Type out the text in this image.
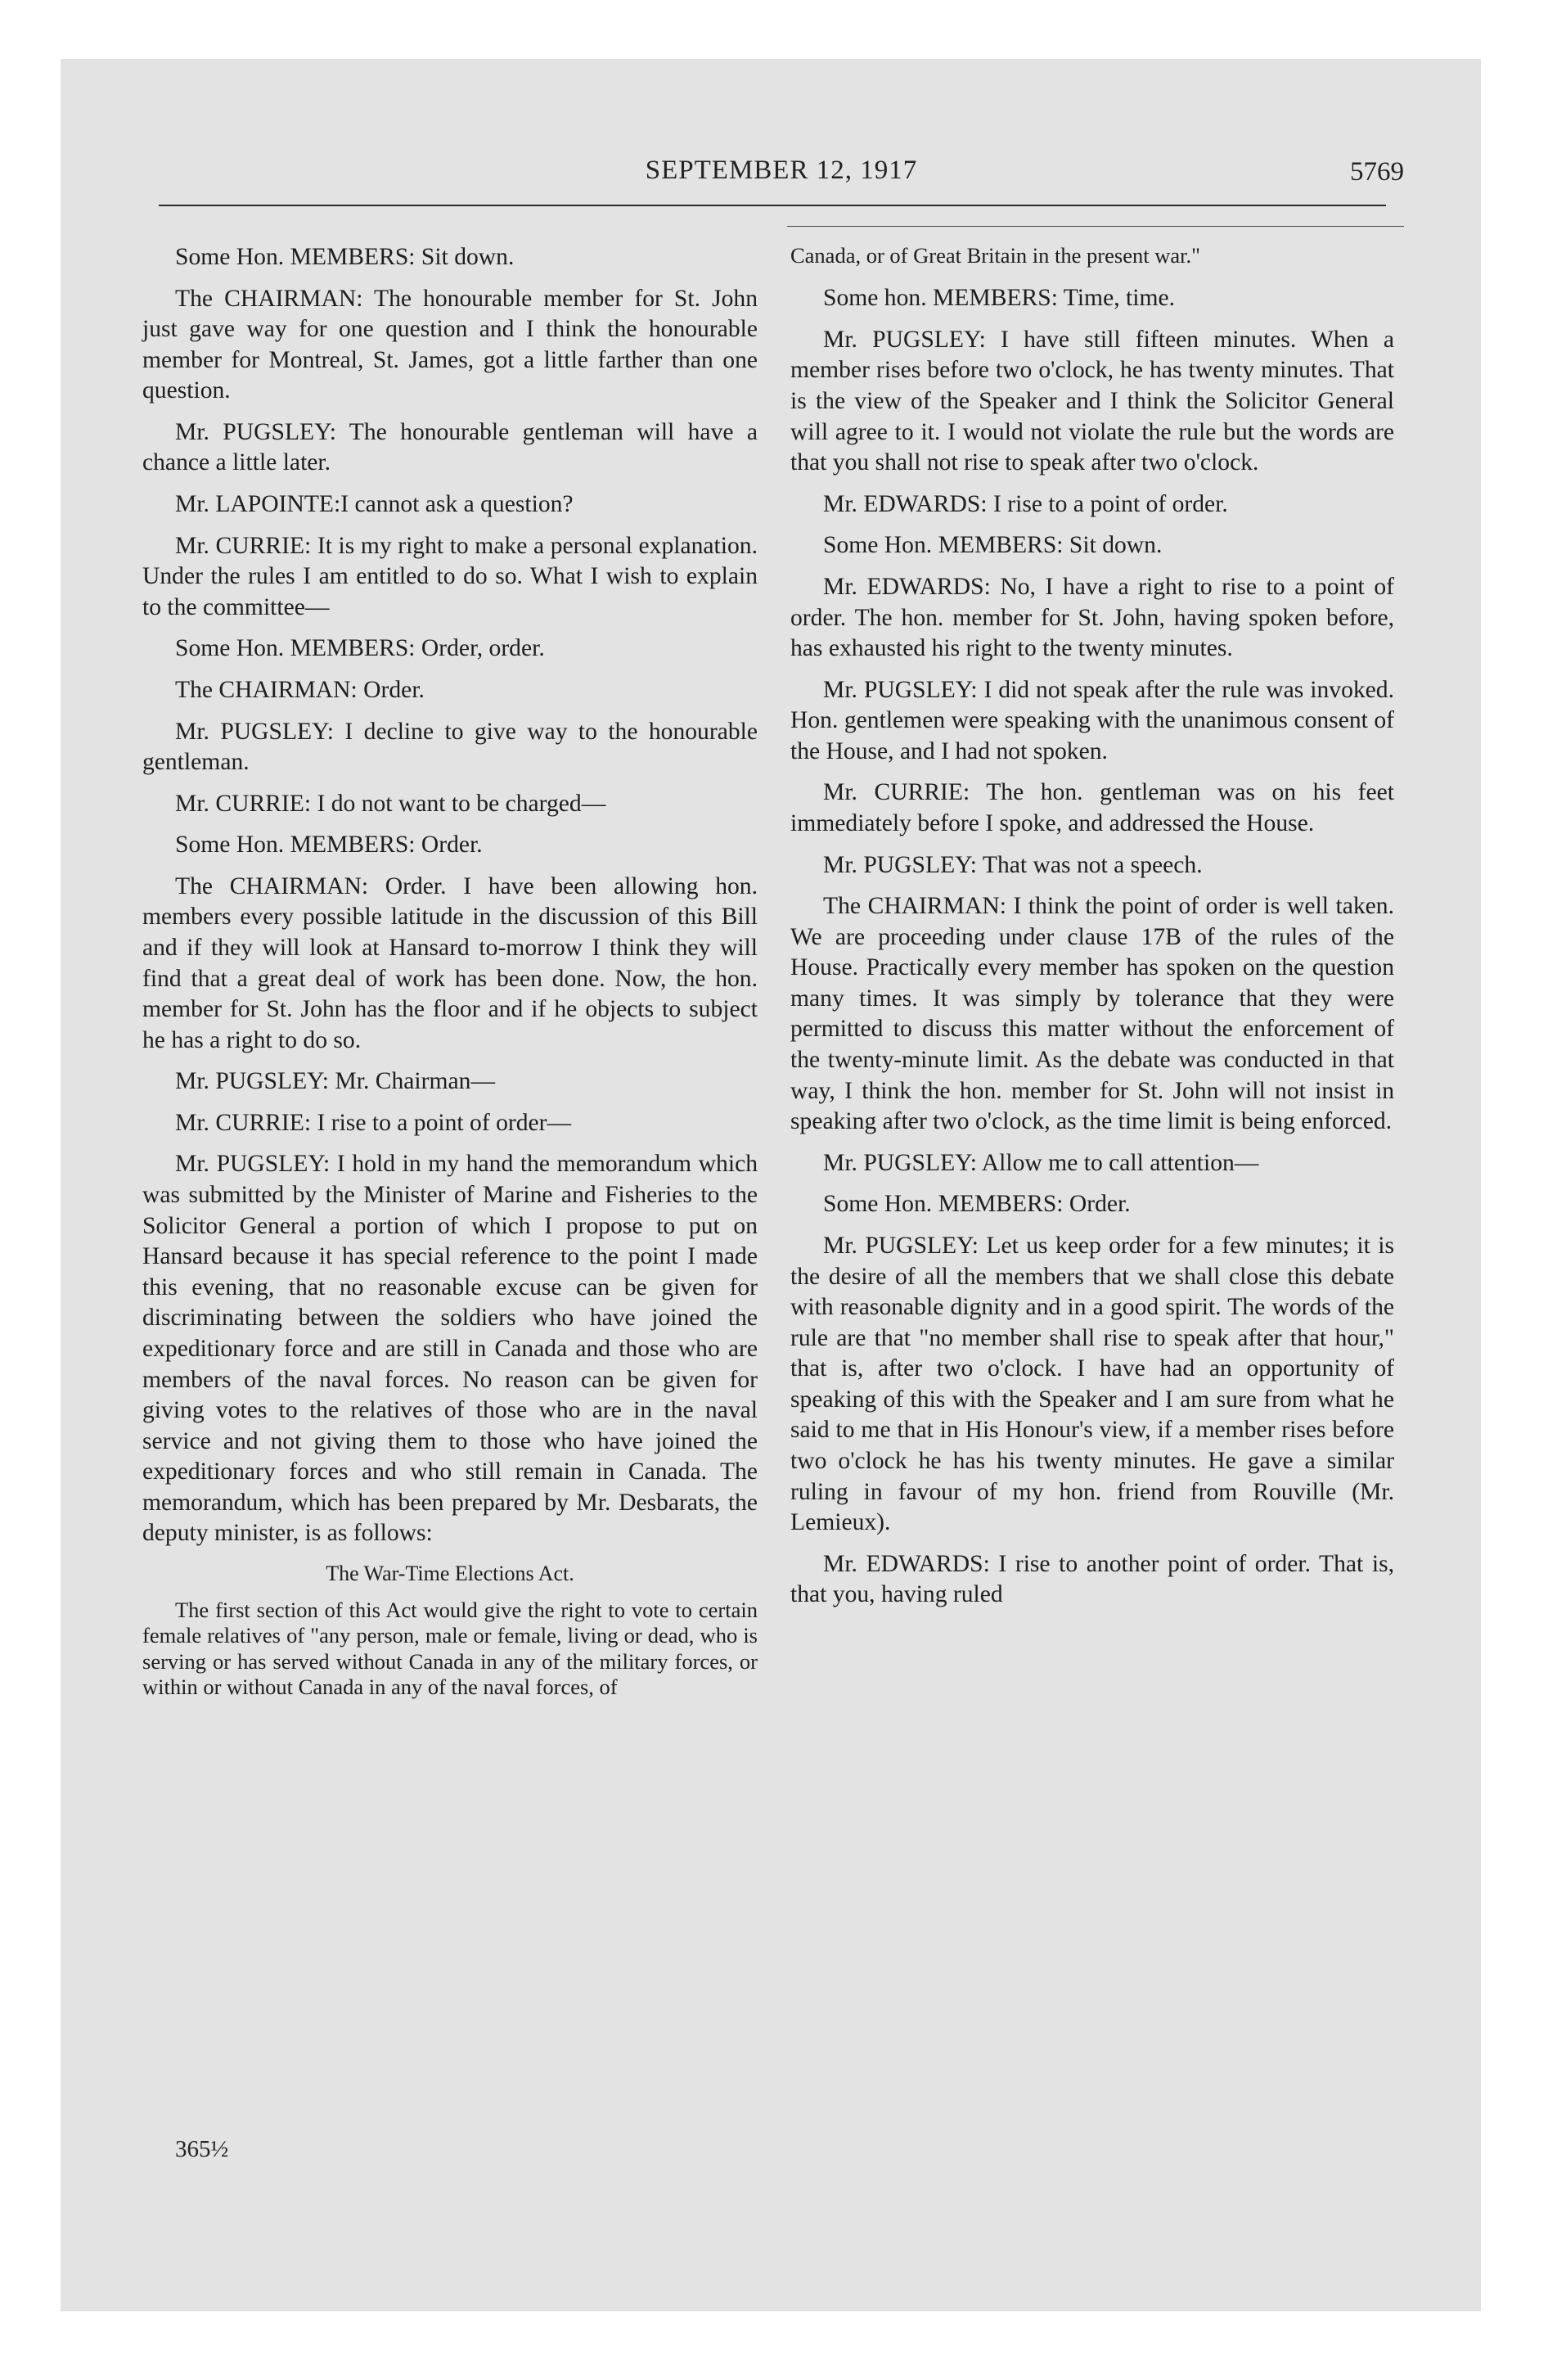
SEPTEMBER 12, 1917	5769

Some Hon. MEMBERS: Sit down.

The CHAIRMAN: The honourable member for St. John just gave way for one question and I think the honourable member for Montreal, St. James, got a little farther than one question.

Mr. PUGSLEY: The honourable gentleman will have a chance a little later.

Mr. LAPOINTE:I cannot ask a question?

Mr. CURRIE: It is my right to make a personal explanation. Under the rules I am entitled to do so. What I wish to explain to the committee—

Some Hon. MEMBERS: Order, order.

The CHAIRMAN: Order.

Mr. PUGSLEY: I decline to give way to the honourable gentleman.

Mr. CURRIE: I do not want to be charged—

Some Hon. MEMBERS: Order.

The CHAIRMAN: Order. I have been allowing hon. members every possible latitude in the discussion of this Bill and if they will look at Hansard to-morrow I think they will find that a great deal of work has been done. Now, the hon. member for St. John has the floor and if he objects to subject he has a right to do so.

Mr. PUGSLEY: Mr. Chairman—

Mr. CURRIE: I rise to a point of order—

Mr. PUGSLEY: I hold in my hand the memorandum which was submitted by the Minister of Marine and Fisheries to the Solicitor General a portion of which I propose to put on Hansard because it has special reference to the point I made this evening, that no reasonable excuse can be given for discriminating between the soldiers who have joined the expeditionary force and are still in Canada and those who are members of the naval forces. No reason can be given for giving votes to the relatives of those who are in the naval service and not giving them to those who have joined the expeditionary forces and who still remain in Canada. The memorandum, which has been prepared by Mr. Desbarats, the deputy minister, is as follows:

The War-Time Elections Act.

The first section of this Act would give the right to vote to certain female relatives of "any person, male or female, living or dead, who is serving or has served without Canada in any of the military forces, or within or without Canada in any of the naval forces, of

Canada, or of Great Britain in the present war."

Some hon. MEMBERS: Time, time.

Mr. PUGSLEY: I have still fifteen minutes. When a member rises before two o'clock, he has twenty minutes. That is the view of the Speaker and I think the Solicitor General will agree to it. I would not violate the rule but the words are that you shall not rise to speak after two o'clock.

Mr. EDWARDS: I rise to a point of order.

Some Hon. MEMBERS: Sit down.

Mr. EDWARDS: No, I have a right to rise to a point of order. The hon. member for St. John, having spoken before, has exhausted his right to the twenty minutes.

Mr. PUGSLEY: I did not speak after the rule was invoked. Hon. gentlemen were speaking with the unanimous consent of the House, and I had not spoken.

Mr. CURRIE: The hon. gentleman was on his feet immediately before I spoke, and addressed the House.

Mr. PUGSLEY: That was not a speech.

The CHAIRMAN: I think the point of order is well taken. We are proceeding under clause 17B of the rules of the House. Practically every member has spoken on the question many times. It was simply by tolerance that they were permitted to discuss this matter without the enforcement of the twenty-minute limit. As the debate was conducted in that way, I think the hon. member for St. John will not insist in speaking after two o'clock, as the time limit is being enforced.

Mr. PUGSLEY: Allow me to call attention—

Some Hon. MEMBERS: Order.

Mr. PUGSLEY: Let us keep order for a few minutes; it is the desire of all the members that we shall close this debate with reasonable dignity and in a good spirit. The words of the rule are that "no member shall rise to speak after that hour," that is, after two o'clock. I have had an opportunity of speaking of this with the Speaker and I am sure from what he said to me that in His Honour's view, if a member rises before two o'clock he has his twenty minutes. He gave a similar ruling in favour of my hon. friend from Rouville (Mr. Lemieux).

Mr. EDWARDS: I rise to another point of order. That is, that you, having ruled

365½
